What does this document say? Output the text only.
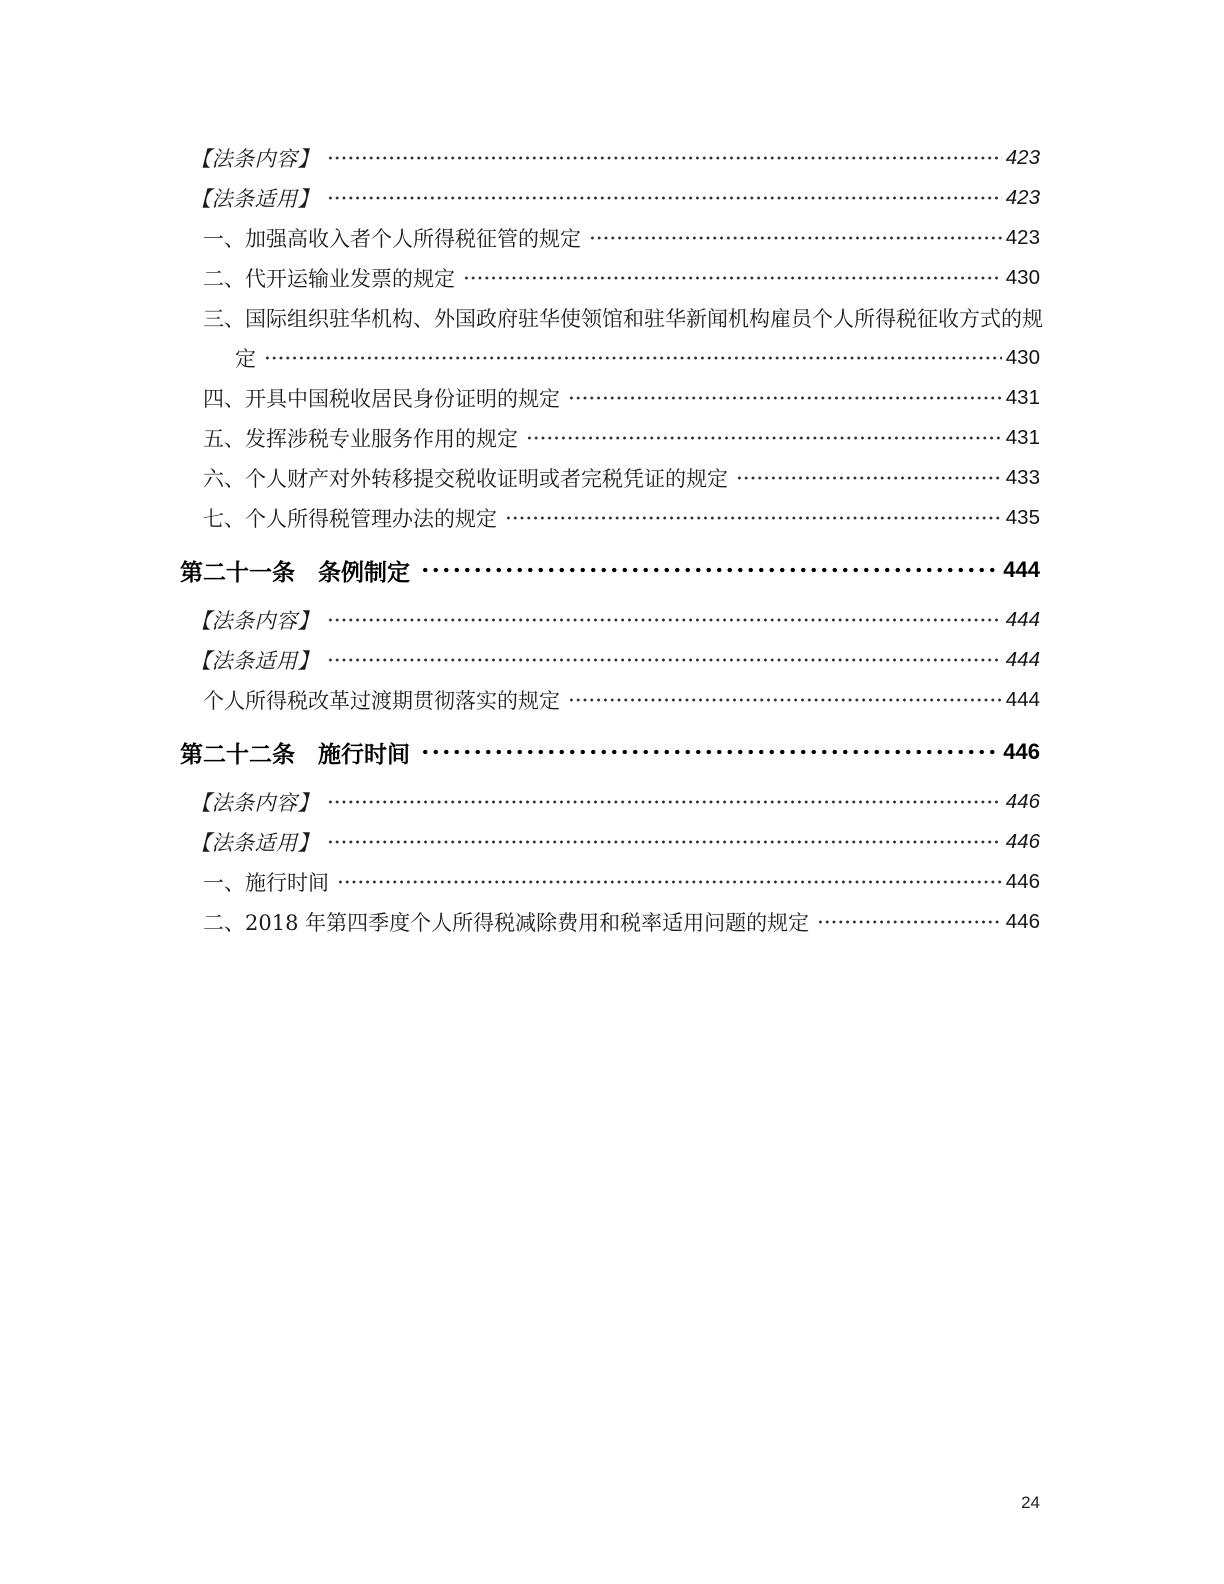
【法条内容】	423
【法条适用】	423
一、加强高收入者个人所得税征管的规定	423
二、代开运输业发票的规定	430
三、国际组织驻华机构、外国政府驻华使领馆和驻华新闻机构雇员个人所得税征收方式的规
定	430
四、开具中国税收居民身份证明的规定	431
五、发挥涉税专业服务作用的规定	431
六、个人财产对外转移提交税收证明或者完税凭证的规定	433
七、个人所得税管理办法的规定	435
第二十一条　条例制定	444
【法条内容】	444
【法条适用】	444
个人所得税改革过渡期贯彻落实的规定	444
第二十二条　施行时间	446
【法条内容】	446
【法条适用】	446
一、施行时间	446
二、2018 年第四季度个人所得税减除费用和税率适用问题的规定	446
24
